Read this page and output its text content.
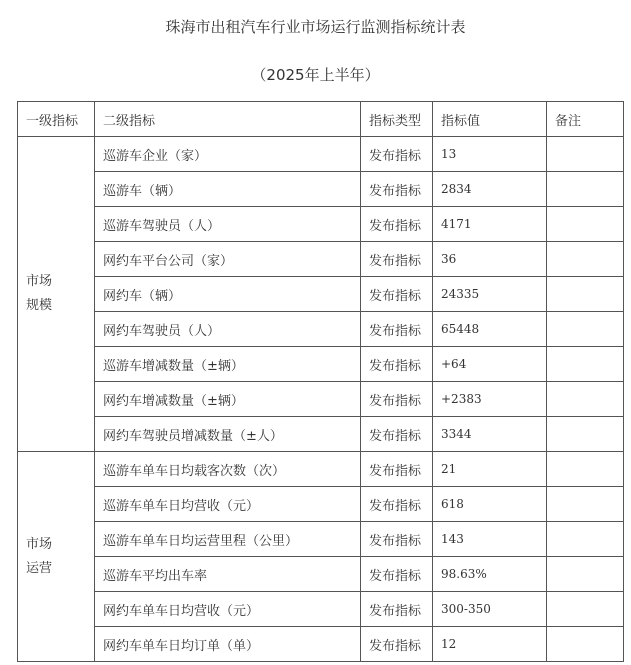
珠海市出租汽车行业市场运行监测指标统计表
（2025年上半年）
一级指标	二级指标	指标类型	指标值	备注

市场
规模	巡游车企业（家）	发布指标	13	
	巡游车（辆）	发布指标	2834	
	巡游车驾驶员（人）	发布指标	4171	
	网约车平台公司（家）	发布指标	36	
	网约车（辆）	发布指标	24335	
	网约车驾驶员（人）	发布指标	65448	
	巡游车增减数量（±辆）	发布指标	+64	
	网约车增减数量（±辆）	发布指标	+2383	
	网约车驾驶员增减数量（±人）	发布指标	3344	

市场
运营	巡游车单车日均载客次数（次）	发布指标	21	
	巡游车单车日均营收（元）	发布指标	618	
	巡游车单车日均运营里程（公里）	发布指标	143	
	巡游车平均出车率	发布指标	98.63%	
	网约车单车日均营收（元）	发布指标	300-350	
	网约车单车日均订单（单）	发布指标	12	
